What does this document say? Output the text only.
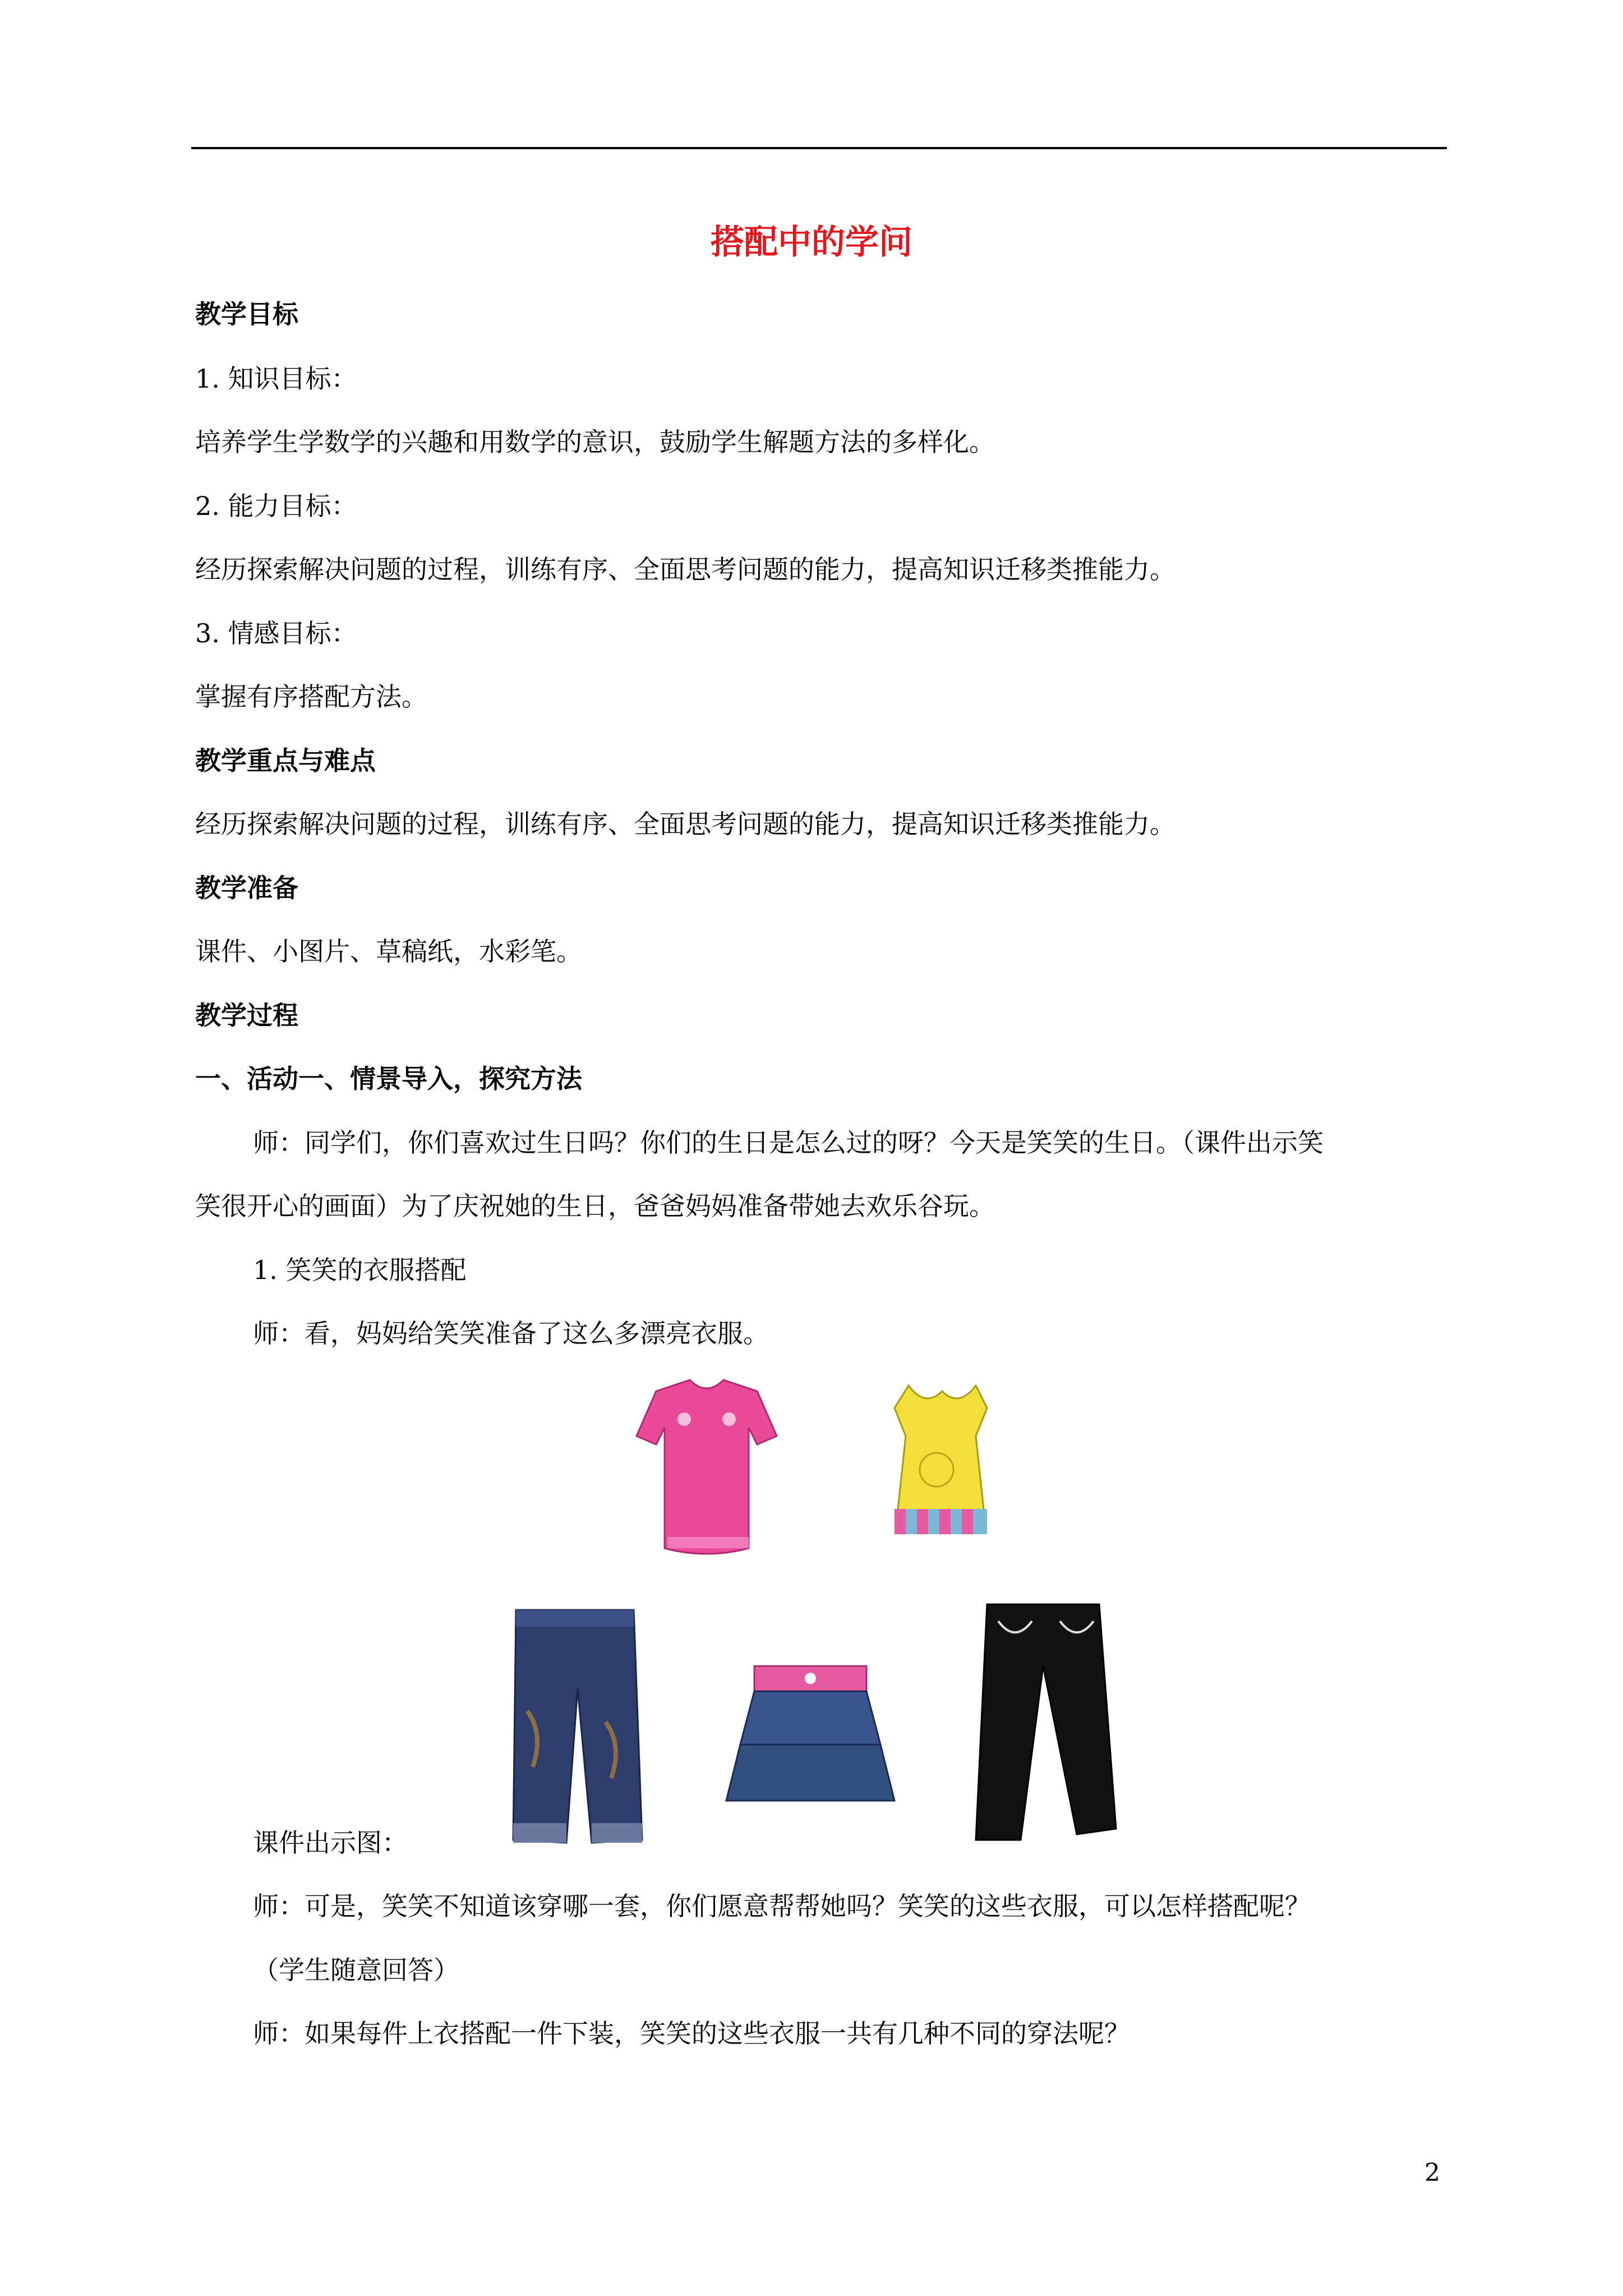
搭配中的学问
教学目标
1. 知识目标：
培养学生学数学的兴趣和用数学的意识，鼓励学生解题方法的多样化。
2. 能力目标：
经历探索解决问题的过程，训练有序、全面思考问题的能力，提高知识迁移类推能力。
3. 情感目标：
掌握有序搭配方法。
教学重点与难点
经历探索解决问题的过程，训练有序、全面思考问题的能力，提高知识迁移类推能力。
教学准备
课件、小图片、草稿纸，水彩笔。
教学过程
一、活动一、情景导入，探究方法
师：同学们，你们喜欢过生日吗？你们的生日是怎么过的呀？今天是笑笑的生日。（课件出示笑
笑很开心的画面）为了庆祝她的生日，爸爸妈妈准备带她去欢乐谷玩。
1. 笑笑的衣服搭配
师：看，妈妈给笑笑准备了这么多漂亮衣服。
课件出示图：
师：可是，笑笑不知道该穿哪一套，你们愿意帮帮她吗？笑笑的这些衣服，可以怎样搭配呢？
（学生随意回答）
师：如果每件上衣搭配一件下装，笑笑的这些衣服一共有几种不同的穿法呢？
2
